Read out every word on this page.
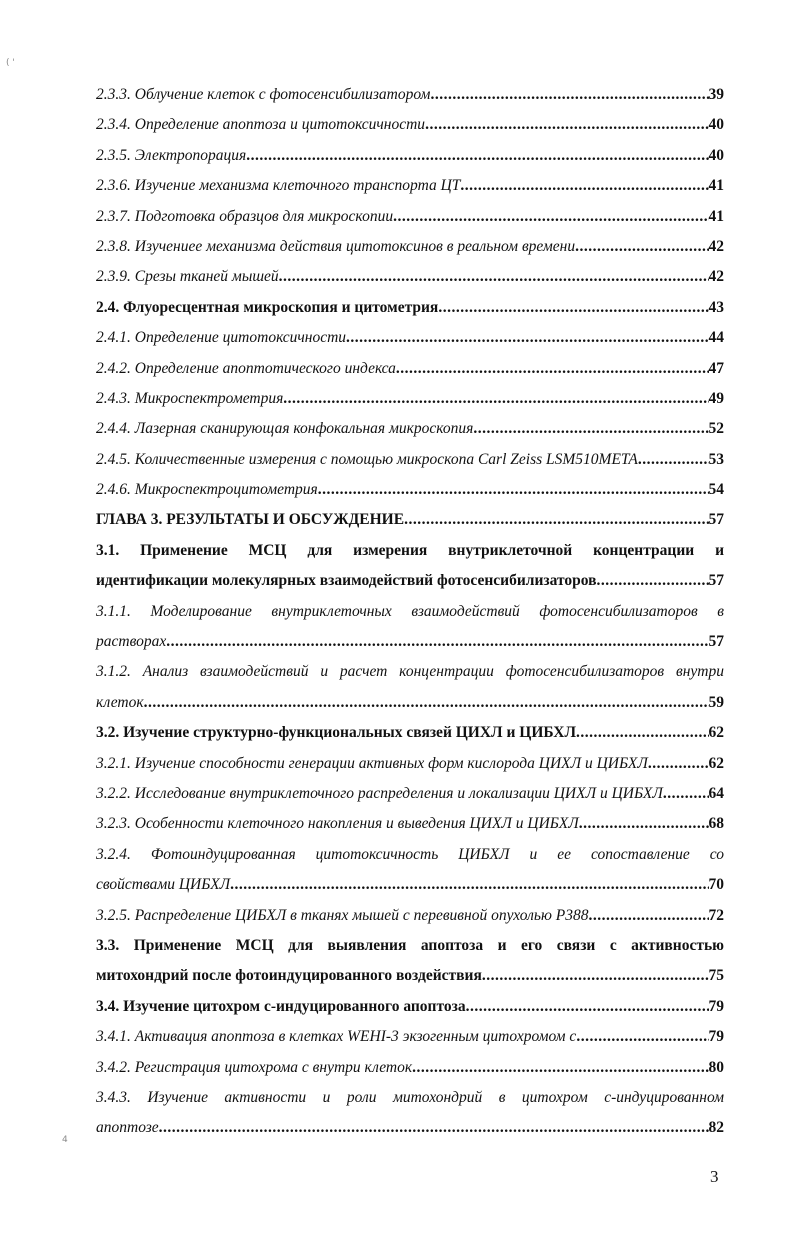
( '
2.3.3. Облучение клеток с фотосенсибилизатором .....	39
2.3.4. Определение апоптоза и цитотоксичности .....	40
2.3.5. Электропорация .....	40
2.3.6. Изучение механизма клеточного транспорта ЦТ .....	41
2.3.7. Подготовка образцов для микроскопии .....	41
2.3.8. Изучениее механизма действия цитотоксинов в реальном времени .....	42
2.3.9. Срезы тканей мышей .....	42
2.4. Флуоресцентная микроскопия и цитометрия .....	43
2.4.1. Определение цитотоксичности .....	44
2.4.2. Определение апоптотического индекса .....	47
2.4.3. Микроспектрометрия .....	49
2.4.4. Лазерная сканирующая конфокальная микроскопия .....	52
2.4.5. Количественные измерения с помощью микроскопа Carl Zeiss LSM510META .....	53
2.4.6. Микроспектроцитометрия .....	54
ГЛАВА 3. РЕЗУЛЬТАТЫ И ОБСУЖДЕНИЕ .....	57
3.1. Применение МСЦ для измерения внутриклеточной концентрации и
идентификации молекулярных взаимодействий фотосенсибилизаторов .....	57
3.1.1. Моделирование внутриклеточных взаимодействий фотосенсибилизаторов в
растворах .....	57
3.1.2. Анализ взаимодействий и расчет концентрации фотосенсибилизаторов внутри
клеток .....	59
3.2. Изучение структурно-функциональных связей ЦИХЛ и ЦИБХЛ .....	62
3.2.1. Изучение способности генерации активных форм кислорода ЦИХЛ и ЦИБХЛ .....	62
3.2.2. Исследование внутриклеточного распределения и локализации ЦИХЛ и ЦИБХЛ .....	64
3.2.3. Особенности клеточного накопления и выведения ЦИХЛ и ЦИБХЛ .....	68
3.2.4. Фотоиндуцированная цитотоксичность ЦИБХЛ и ее сопоставление со
свойствами ЦИБХЛ .....	70
3.2.5. Распределение ЦИБХЛ в тканях мышей с перевивной опухолью Р388 .....	72
3.3. Применение МСЦ для выявления апоптоза и его связи с активностью
митохондрий после фотоиндуцированного воздействия .....	75
3.4. Изучение цитохром с-индуцированного апоптоза .....	79
3.4.1. Активация апоптоза в клетках WEHI-3 экзогенным цитохромом с .....	79
3.4.2. Регистрация цитохрома с внутри клеток .....	80
3.4.3. Изучение активности и роли митохондрий в цитохром с-индуцированном
апоптозе .....	82
4
3
